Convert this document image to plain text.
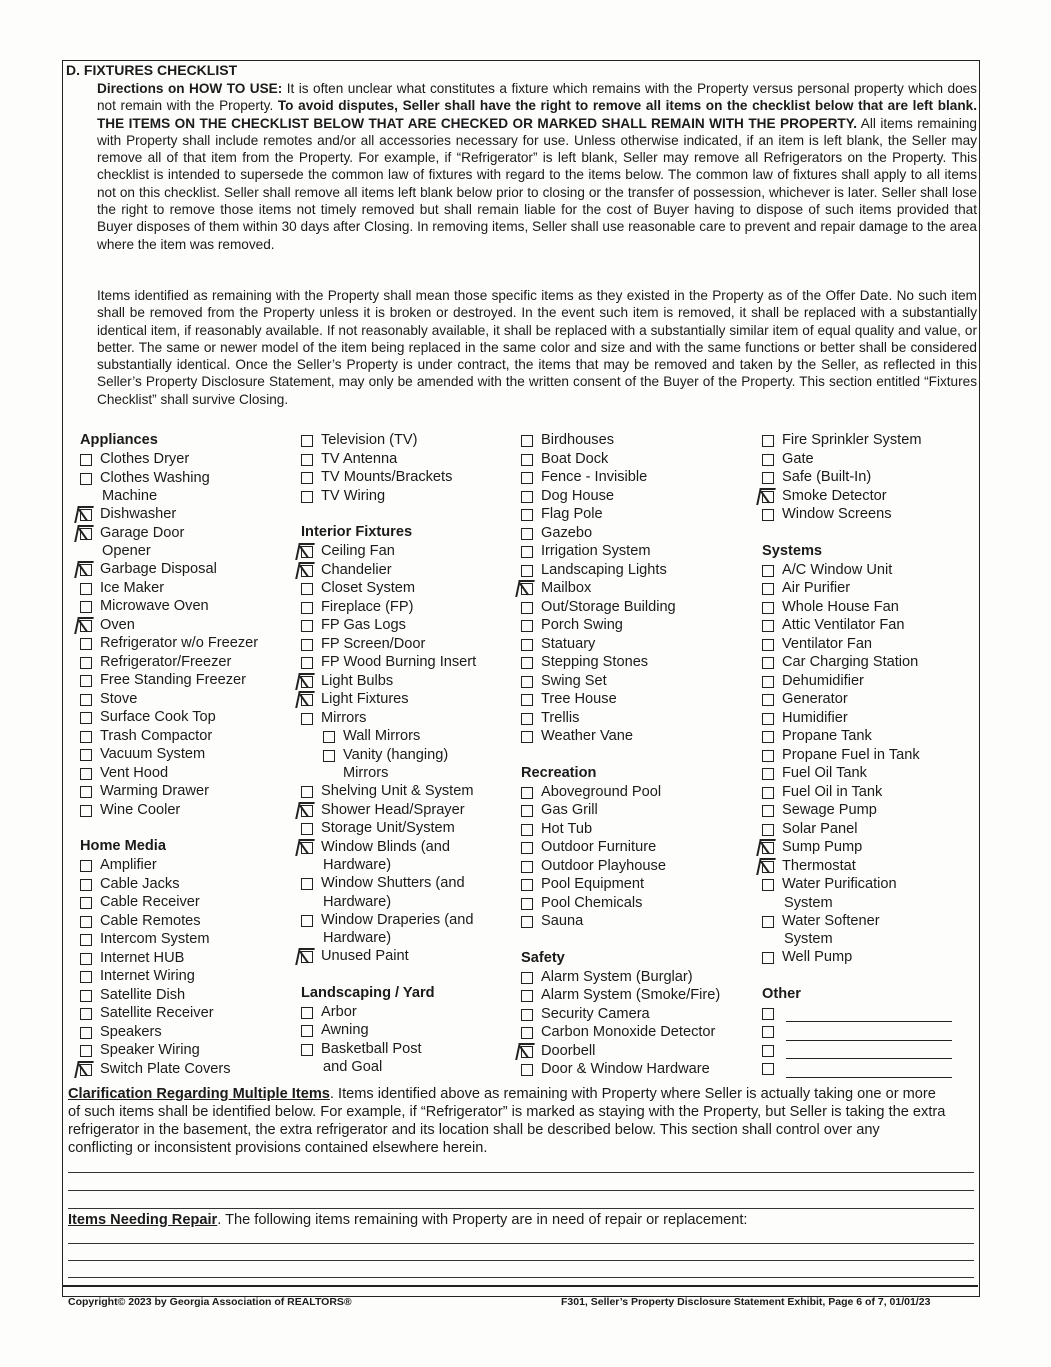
D. FIXTURES CHECKLIST

Directions on HOW TO USE: It is often unclear what constitutes a fixture which remains with the Property versus personal property which does not remain with the Property. To avoid disputes, Seller shall have the right to remove all items on the checklist below that are left blank. THE ITEMS ON THE CHECKLIST BELOW THAT ARE CHECKED OR MARKED SHALL REMAIN WITH THE PROPERTY. All items remaining with Property shall include remotes and/or all accessories necessary for use. Unless otherwise indicated, if an item is left blank, the Seller may remove all of that item from the Property. For example, if “Refrigerator” is left blank, Seller may remove all Refrigerators on the Property. This checklist is intended to supersede the common law of fixtures with regard to the items below. The common law of fixtures shall apply to all items not on this checklist. Seller shall remove all items left blank below prior to closing or the transfer of possession, whichever is later. Seller shall lose the right to remove those items not timely removed but shall remain liable for the cost of Buyer having to dispose of such items provided that Buyer disposes of them within 30 days after Closing. In removing items, Seller shall use reasonable care to prevent and repair damage to the area where the item was removed.

Items identified as remaining with the Property shall mean those specific items as they existed in the Property as of the Offer Date. No such item shall be removed from the Property unless it is broken or destroyed. In the event such item is removed, it shall be replaced with a substantially identical item, if reasonably available. If not reasonably available, it shall be replaced with a substantially similar item of equal quality and value, or better. The same or newer model of the item being replaced in the same color and size and with the same functions or better shall be considered substantially identical. Once the Seller’s Property is under contract, the items that may be removed and taken by the Seller, as reflected in this Seller’s Property Disclosure Statement, may only be amended with the written consent of the Buyer of the Property. This section entitled “Fixtures Checklist” shall survive Closing.

Appliances
Clothes Dryer
Clothes Washing
Machine
Dishwasher
Garage Door
Opener
Garbage Disposal
Ice Maker
Microwave Oven
Oven
Refrigerator w/o Freezer
Refrigerator/Freezer
Free Standing Freezer
Stove
Surface Cook Top
Trash Compactor
Vacuum System
Vent Hood
Warming Drawer
Wine Cooler
Home Media
Amplifier
Cable Jacks
Cable Receiver
Cable Remotes
Intercom System
Internet HUB
Internet Wiring
Satellite Dish
Satellite Receiver
Speakers
Speaker Wiring
Switch Plate Covers
Television (TV)
TV Antenna
TV Mounts/Brackets
TV Wiring
Interior Fixtures
Ceiling Fan
Chandelier
Closet System
Fireplace (FP)
FP Gas Logs
FP Screen/Door
FP Wood Burning Insert
Light Bulbs
Light Fixtures
Mirrors
Wall Mirrors
Vanity (hanging)
Mirrors
Shelving Unit & System
Shower Head/Sprayer
Storage Unit/System
Window Blinds (and
Hardware)
Window Shutters (and
Hardware)
Window Draperies (and
Hardware)
Unused Paint
Landscaping / Yard
Arbor
Awning
Basketball Post
and Goal
Birdhouses
Boat Dock
Fence - Invisible
Dog House
Flag Pole
Gazebo
Irrigation System
Landscaping Lights
Mailbox
Out/Storage Building
Porch Swing
Statuary
Stepping Stones
Swing Set
Tree House
Trellis
Weather Vane
Recreation
Aboveground Pool
Gas Grill
Hot Tub
Outdoor Furniture
Outdoor Playhouse
Pool Equipment
Pool Chemicals
Sauna
Safety
Alarm System (Burglar)
Alarm System (Smoke/Fire)
Security Camera
Carbon Monoxide Detector
Doorbell
Door & Window Hardware
Fire Sprinkler System
Gate
Safe (Built-In)
Smoke Detector
Window Screens
Systems
A/C Window Unit
Air Purifier
Whole House Fan
Attic Ventilator Fan
Ventilator Fan
Car Charging Station
Dehumidifier
Generator
Humidifier
Propane Tank
Propane Fuel in Tank
Fuel Oil Tank
Fuel Oil in Tank
Sewage Pump
Solar Panel
Sump Pump
Thermostat
Water Purification
System
Water Softener
System
Well Pump
Other

Clarification Regarding Multiple Items. Items identified above as remaining with Property where Seller is actually taking one or more of such items shall be identified below. For example, if “Refrigerator” is marked as staying with the Property, but Seller is taking the extra refrigerator in the basement, the extra refrigerator and its location shall be described below. This section shall control over any conflicting or inconsistent provisions contained elsewhere herein.

Items Needing Repair. The following items remaining with Property are in need of repair or replacement:
Copyright© 2023 by Georgia Association of REALTORS®	F301, Seller’s Property Disclosure Statement Exhibit, Page 6 of 7, 01/01/23
